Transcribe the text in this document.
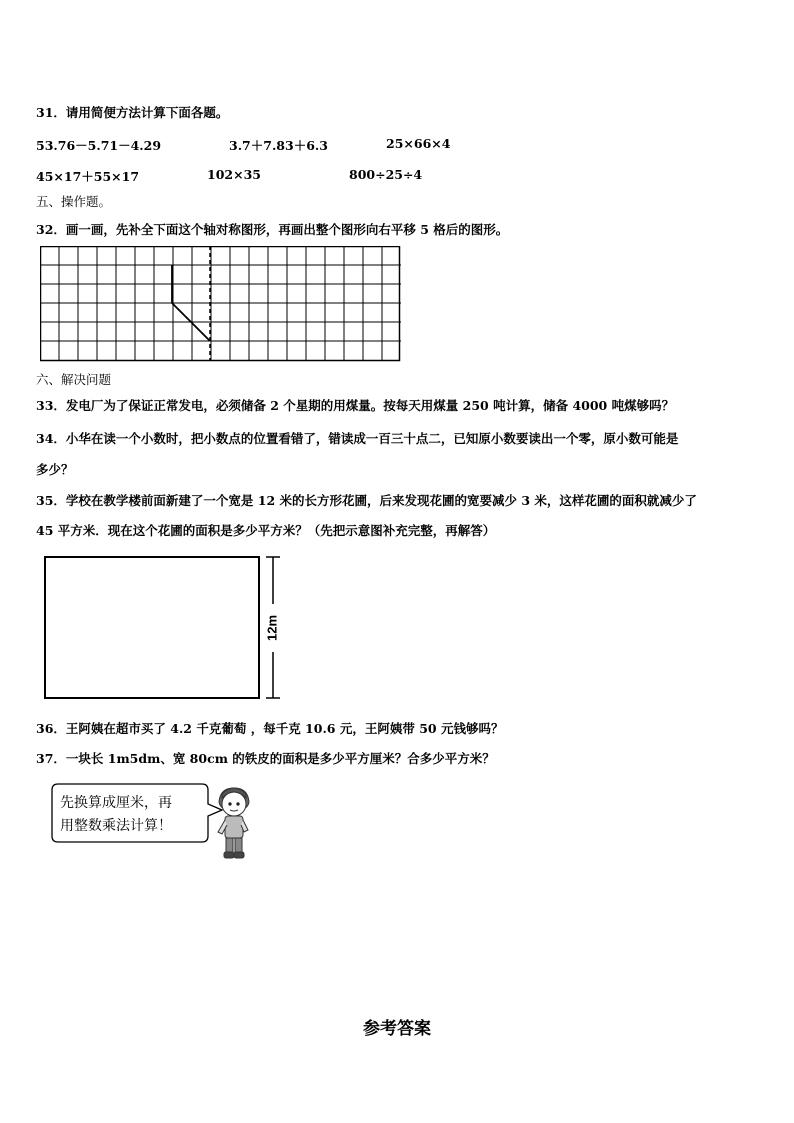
31．请用简便方法计算下面各题。
53.76－5.71－4.29	3.7＋7.83＋6.3	25×66×4
45×17＋55×17	102×35	800÷25÷4
五、操作题。
32．画一画，先补全下面这个轴对称图形，再画出整个图形向右平移 5 格后的图形。
六、解决问题
33．发电厂为了保证正常发电，必须储备 2 个星期的用煤量。按每天用煤量 250 吨计算，储备 4000 吨煤够吗？
34．小华在读一个小数时，把小数点的位置看错了，错读成一百三十点二，已知原小数要读出一个零，原小数可能是
多少？
35．学校在教学楼前面新建了一个宽是 12 米的长方形花圃，后来发现花圃的宽要减少 3 米，这样花圃的面积就减少了
45 平方米．现在这个花圃的面积是多少平方米？（先把示意图补充完整，再解答）
12m
36．王阿姨在超市买了 4.2 千克葡萄 ，每千克 10.6 元，王阿姨带 50 元钱够吗？
37．一块长 1m5dm、宽 80cm 的铁皮的面积是多少平方厘米？合多少平方米？
先换算成厘米，再
用整数乘法计算！
参考答案
